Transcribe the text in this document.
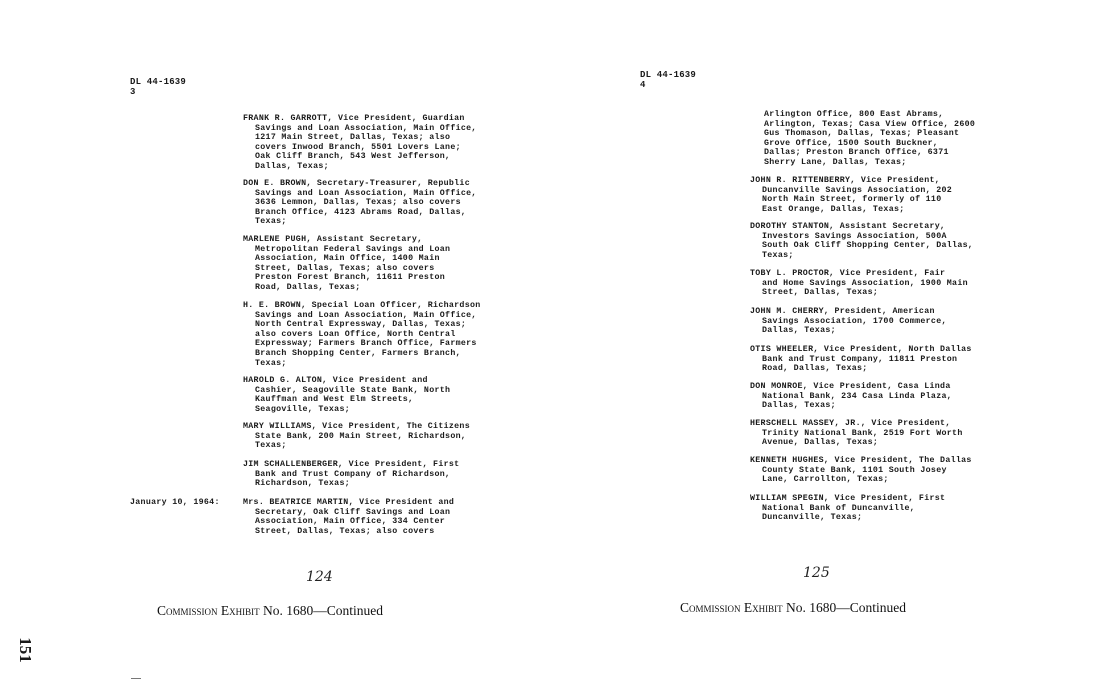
DL 44-1639
3
January 10, 1964:
FRANK R. GARROTT, Vice President, Guardian
Savings and Loan Association, Main Office,
1217 Main Street, Dallas, Texas; also
covers Inwood Branch, 5501 Lovers Lane;
Oak Cliff Branch, 543 West Jefferson,
Dallas, Texas;
DON E. BROWN, Secretary-Treasurer, Republic
Savings and Loan Association, Main Office,
3636 Lemmon, Dallas, Texas; also covers
Branch Office, 4123 Abrams Road, Dallas,
Texas;
MARLENE PUGH, Assistant Secretary,
Metropolitan Federal Savings and Loan
Association, Main Office, 1400 Main
Street, Dallas, Texas; also covers
Preston Forest Branch, 11611 Preston
Road, Dallas, Texas;
H. E. BROWN, Special Loan Officer, Richardson
Savings and Loan Association, Main Office,
North Central Expressway, Dallas, Texas;
also covers Loan Office, North Central
Expressway; Farmers Branch Office, Farmers
Branch Shopping Center, Farmers Branch,
Texas;
HAROLD G. ALTON, Vice President and
Cashier, Seagoville State Bank, North
Kauffman and West Elm Streets,
Seagoville, Texas;
MARY WILLIAMS, Vice President, The Citizens
State Bank, 200 Main Street, Richardson,
Texas;
JIM SCHALLENBERGER, Vice President, First
Bank and Trust Company of Richardson,
Richardson, Texas;
Mrs. BEATRICE MARTIN, Vice President and
Secretary, Oak Cliff Savings and Loan
Association, Main Office, 334 Center
Street, Dallas, Texas; also covers
124
Commission Exhibit No. 1680—Continued
DL 44-1639
4
Arlington Office, 800 East Abrams,
Arlington, Texas; Casa View Office, 2600
Gus Thomason, Dallas, Texas; Pleasant
Grove Office, 1500 South Buckner,
Dallas; Preston Branch Office, 6371
Sherry Lane, Dallas, Texas;
JOHN R. RITTENBERRY, Vice President,
Duncanville Savings Association, 202
North Main Street, formerly of 110
East Orange, Dallas, Texas;
DOROTHY STANTON, Assistant Secretary,
Investors Savings Association, 500A
South Oak Cliff Shopping Center, Dallas,
Texas;
TOBY L. PROCTOR, Vice President, Fair
and Home Savings Association, 1900 Main
Street, Dallas, Texas;
JOHN M. CHERRY, President, American
Savings Association, 1700 Commerce,
Dallas, Texas;
OTIS WHEELER, Vice President, North Dallas
Bank and Trust Company, 11811 Preston
Road, Dallas, Texas;
DON MONROE, Vice President, Casa Linda
National Bank, 234 Casa Linda Plaza,
Dallas, Texas;
HERSCHELL MASSEY, JR., Vice President,
Trinity National Bank, 2519 Fort Worth
Avenue, Dallas, Texas;
KENNETH HUGHES, Vice President, The Dallas
County State Bank, 1101 South Josey
Lane, Carrollton, Texas;
WILLIAM SPEGIN, Vice President, First
National Bank of Duncanville,
Duncanville, Texas;
125
Commission Exhibit No. 1680—Continued
151
